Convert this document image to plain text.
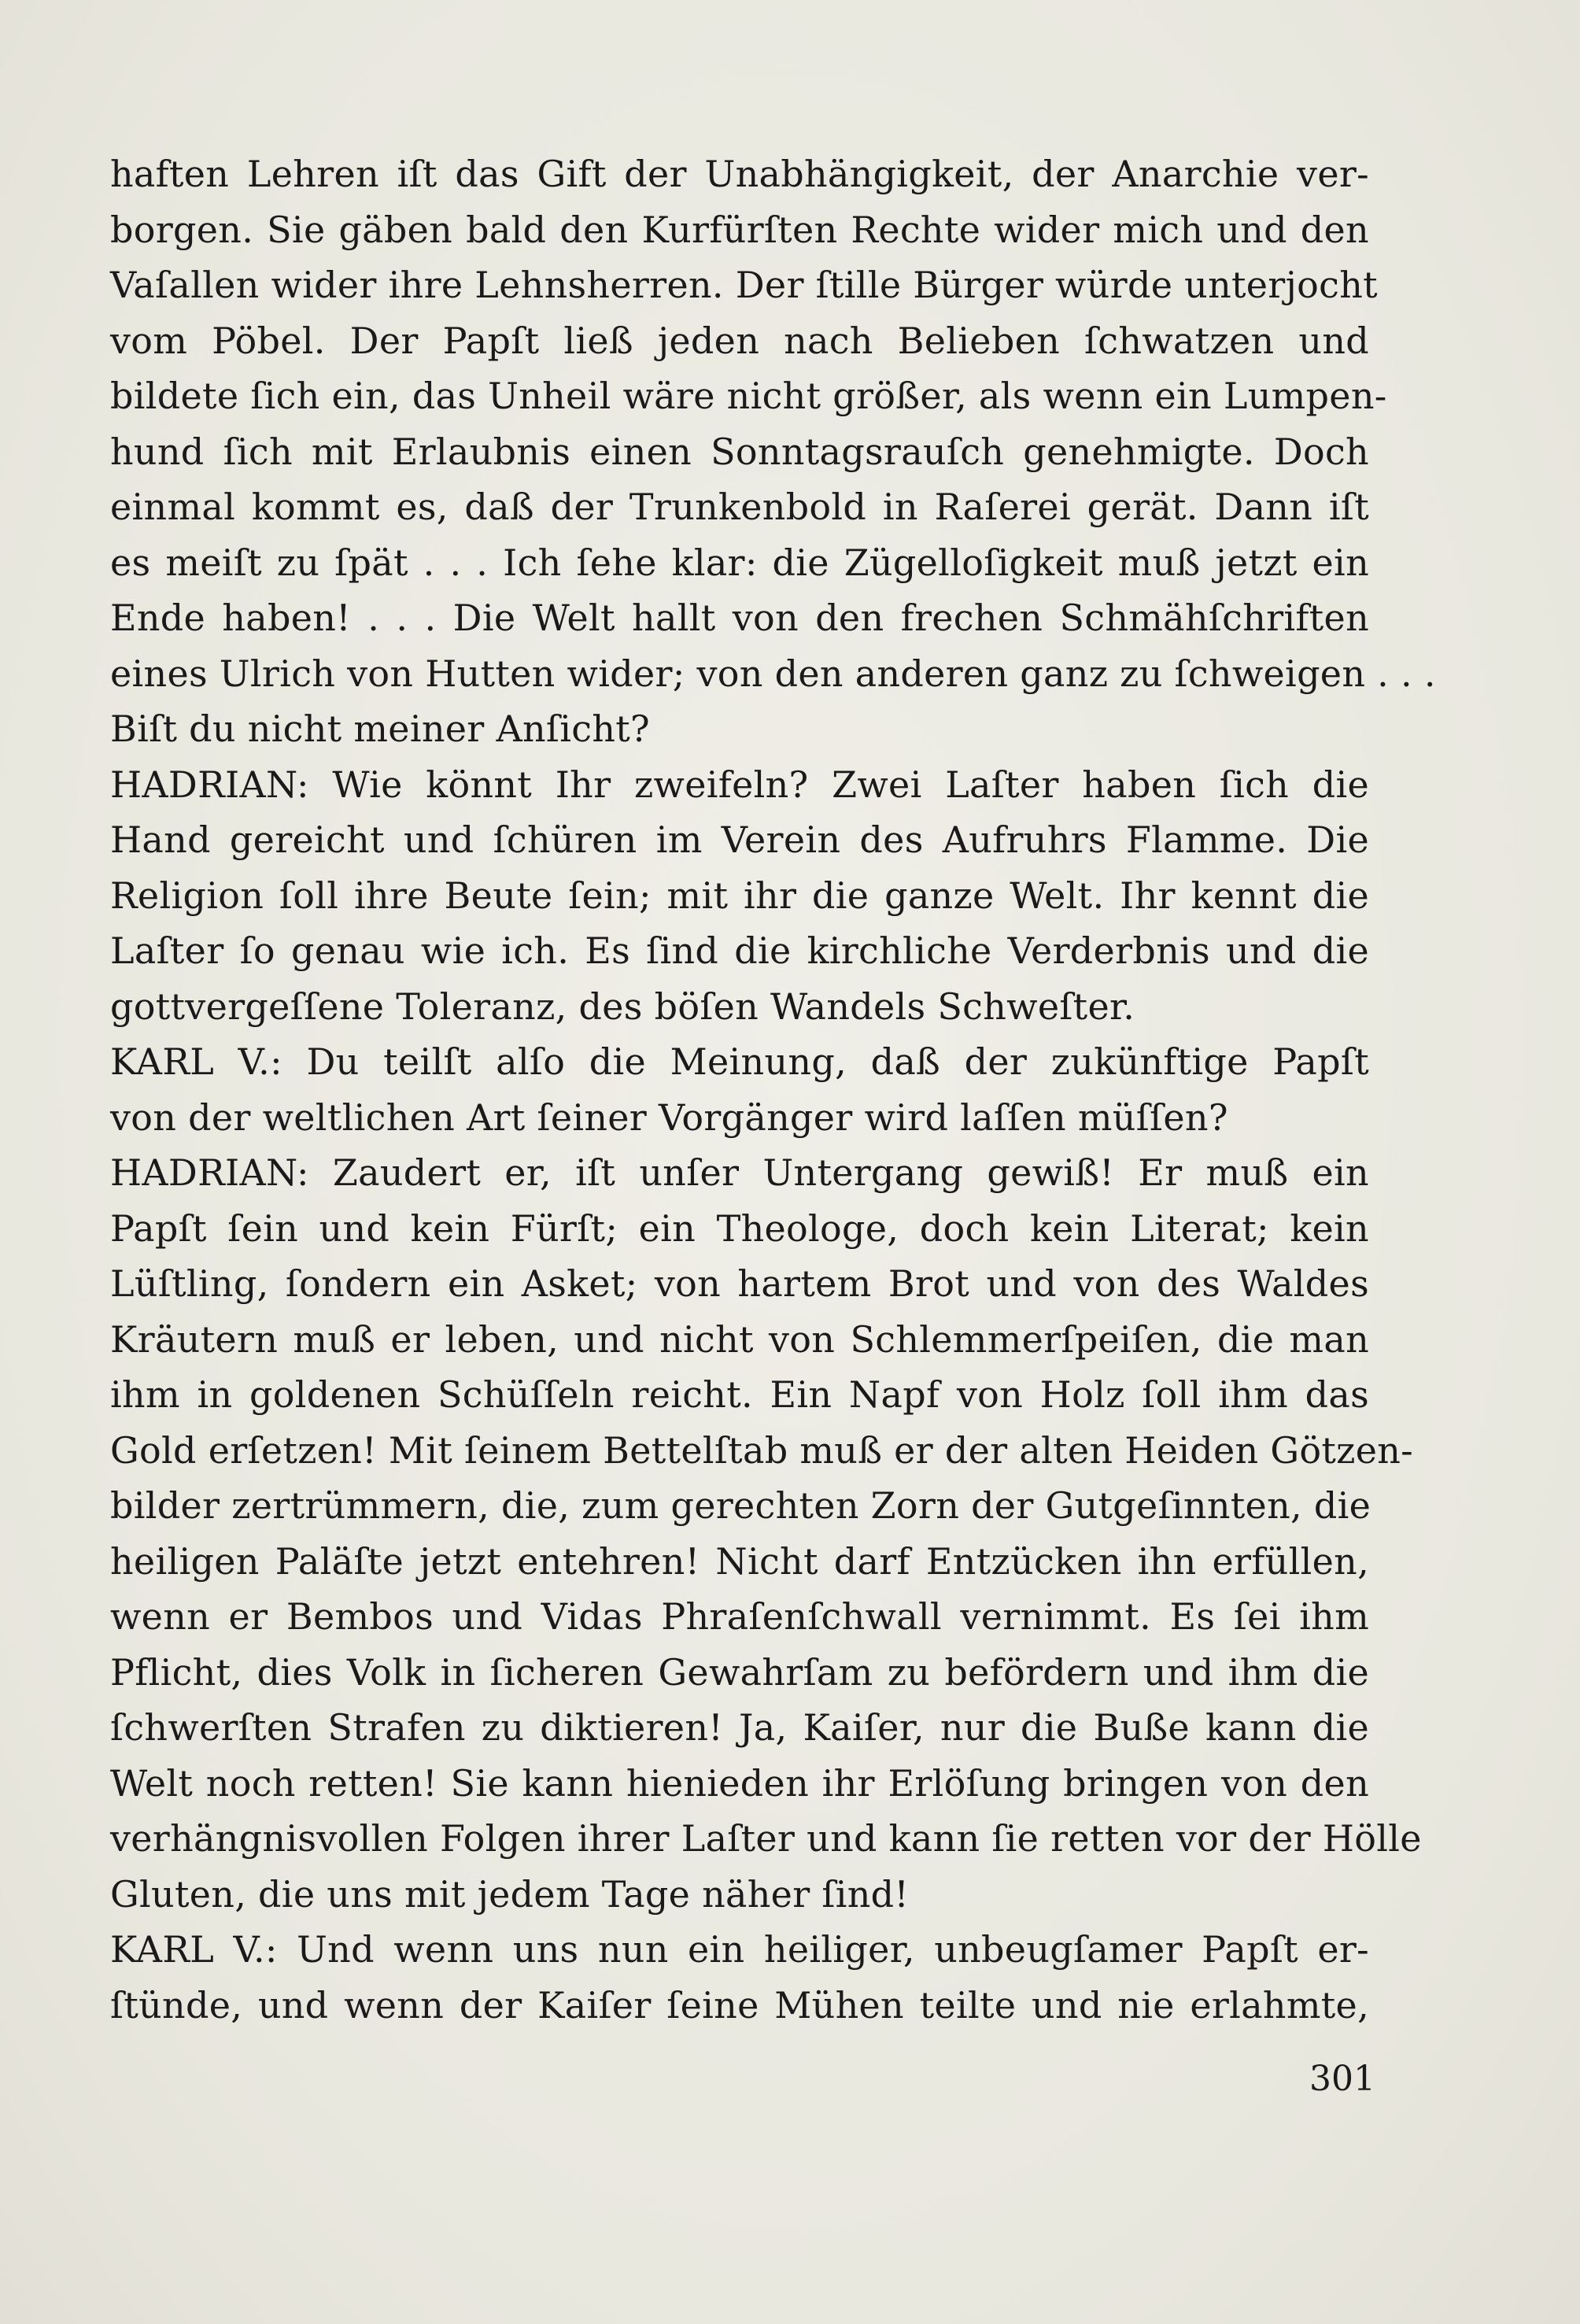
haften Lehren iſt das Gift der Unabhängigkeit, der Anarchie ver-
borgen. Sie gäben bald den Kurfürſten Rechte wider mich und den
Vaſallen wider ihre Lehnsherren. Der ſtille Bürger würde unterjocht
vom Pöbel. Der Papſt ließ jeden nach Belieben ſchwatzen und
bildete ſich ein, das Unheil wäre nicht größer, als wenn ein Lumpen-
hund ſich mit Erlaubnis einen Sonntagsrauſch genehmigte. Doch
einmal kommt es, daß der Trunkenbold in Raſerei gerät. Dann iſt
es meiſt zu ſpät . . . Ich ſehe klar: die Zügelloſigkeit muß jetzt ein
Ende haben! . . . Die Welt hallt von den frechen Schmähſchriften
eines Ulrich von Hutten wider; von den anderen ganz zu ſchweigen . . .
Biſt du nicht meiner Anſicht?
HADRIAN: Wie könnt Ihr zweifeln? Zwei Laſter haben ſich die
Hand gereicht und ſchüren im Verein des Aufruhrs Flamme. Die
Religion ſoll ihre Beute ſein; mit ihr die ganze Welt. Ihr kennt die
Laſter ſo genau wie ich. Es ſind die kirchliche Verderbnis und die
gottvergeſſene Toleranz, des böſen Wandels Schweſter.
KARL V.: Du teilſt alſo die Meinung, daß der zukünftige Papſt
von der weltlichen Art ſeiner Vorgänger wird laſſen müſſen?
HADRIAN: Zaudert er, iſt unſer Untergang gewiß! Er muß ein
Papſt ſein und kein Fürſt; ein Theologe, doch kein Literat; kein
Lüſtling, ſondern ein Asket; von hartem Brot und von des Waldes
Kräutern muß er leben, und nicht von Schlemmerſpeiſen, die man
ihm in goldenen Schüſſeln reicht. Ein Napf von Holz ſoll ihm das
Gold erſetzen! Mit ſeinem Bettelſtab muß er der alten Heiden Götzen-
bilder zertrümmern, die, zum gerechten Zorn der Gutgeſinnten, die
heiligen Paläſte jetzt entehren! Nicht darf Entzücken ihn erfüllen,
wenn er Bembos und Vidas Phraſenſchwall vernimmt. Es ſei ihm
Pflicht, dies Volk in ſicheren Gewahrſam zu befördern und ihm die
ſchwerſten Strafen zu diktieren! Ja, Kaiſer, nur die Buße kann die
Welt noch retten! Sie kann hienieden ihr Erlöſung bringen von den
verhängnisvollen Folgen ihrer Laſter und kann ſie retten vor der Hölle
Gluten, die uns mit jedem Tage näher ſind!
KARL V.: Und wenn uns nun ein heiliger, unbeugſamer Papſt er-
ſtünde, und wenn der Kaiſer ſeine Mühen teilte und nie erlahmte,
301
